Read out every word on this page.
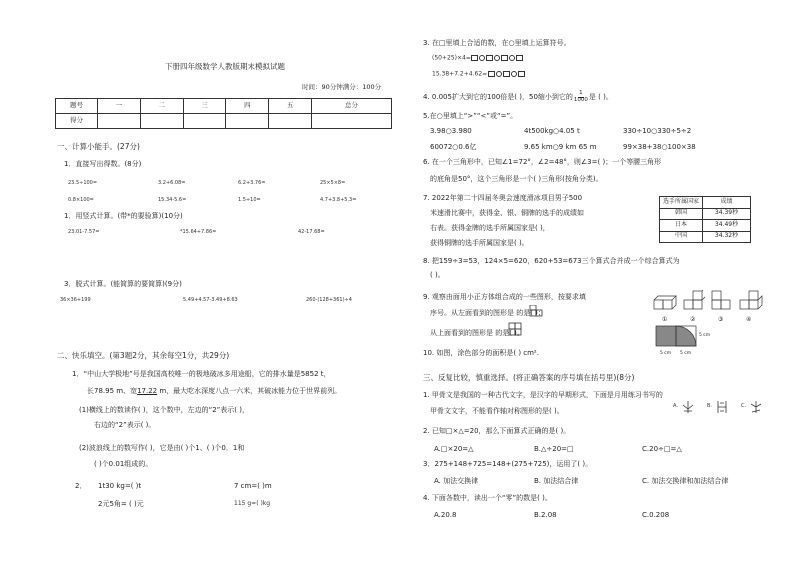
下册四年级数学人教版期末模拟试题
时间：90分钟满分：100分
题号	一	二	三	四	五	总分
得分						
一、计算小能手。(27分)
1．直接写出得数。(8分)
23.5÷100=	3.2+6.08=	6.2+3.76=	25×5×8=
0.8×100=	15.34-5.6=	1.5÷10=	4.7+3.8+5.3=
1．用竖式计算。(带*的要验算)(10分)
23.01-7.57=	*15.64+7.86=	42-17.68=
3．脱式计算。(能简算的要简算)(9分)
36×36+199	5.49+4.57-3.49+8.63	260-(128+361)÷4
二、快乐填空。(第3题2分，其余每空1分，共29分)
1．“中山大学极地”号是我国高校唯一的极地破冰多用途船，它的排水量是5852 t，
长78.95 m、宽17.22 m，最大吃水深度八点一六米，其破冰能力位于世界前列。
(1)横线上的数读作( )，这个数中，左边的“2”表示( )，
右边的“2”表示( )。
(2)波浪线上的数写作( )，它是由( )个1、( )个0．1和
( )个0.01组成的。
2． 1t30 kg=( )t	7 cm=( )m
2元5角= ( )元	115 g=( )kg
3. 在□里填上合适的数，在○里填上运算符号。
(50+25)×4=
15.38+7.2+4.62=
4. 0.005扩大到它的100倍是( )，50缩小到它的 $\frac{1}{1000}$ 是 ( )。
5.在○里填上“>”“<”或“=”。
3.98○3.980	4t500kg○4.05 t	330÷10○330÷5÷2
60072○0.6亿	9.65 km○9 km 65 m	99×38+38○100×38
6. 在一个三角形中，已知∠1=72°，∠2=48°，则∠3=( )；一个等腰三角形
的底角是50°，这个三角形是一个( )三角形(按角分类)。
7. 2022年第二十四届冬奥会速度滑冰项目男子500
米速滑比赛中，获得金、银、铜牌的选手的成绩如
右表。获得金牌的选手所属国家是( )，
获得铜牌的选手所属国家是( )。
选手所属国家	成绩
韩国	34.39秒
日本	34.49秒
中国	34.32秒
8. 把159÷3=53，124×5=620，620+53=673三个算式合并成一个综合算式为
( )。
9. 观察由面用小正方体组合成的一些图形，按要求填
序号。从左面看到的图形是 的是( )；
从上面看到的图形是 的是( )。
①	②	③	④
10. 如图，涂色部分的面积是( ) cm².
5 cm
5 cm 5 cm
三、反复比较，慎重选择。(将正确答案的序号填在括号里)(8分)
1. 甲骨文是我国的一种古代文字，是汉字的早期形式，下面是月用练习书写的
甲骨文文字，不能看作轴对称图形的是( )。
A.	B.	C.
2. 已知□×△=20，那么下面算式正确的是( )。
A.□×20=△	B.△÷20=□	C.20÷□=△
3．275+148+725=148+(275+725)，运用了( )。
A. 加法交换律	B. 加法结合律	C. 加法交换律和加法结合律
4. 下面各数中，读出一个“零”的数是( )。
A.20.8	B.2.08	C.0.208
